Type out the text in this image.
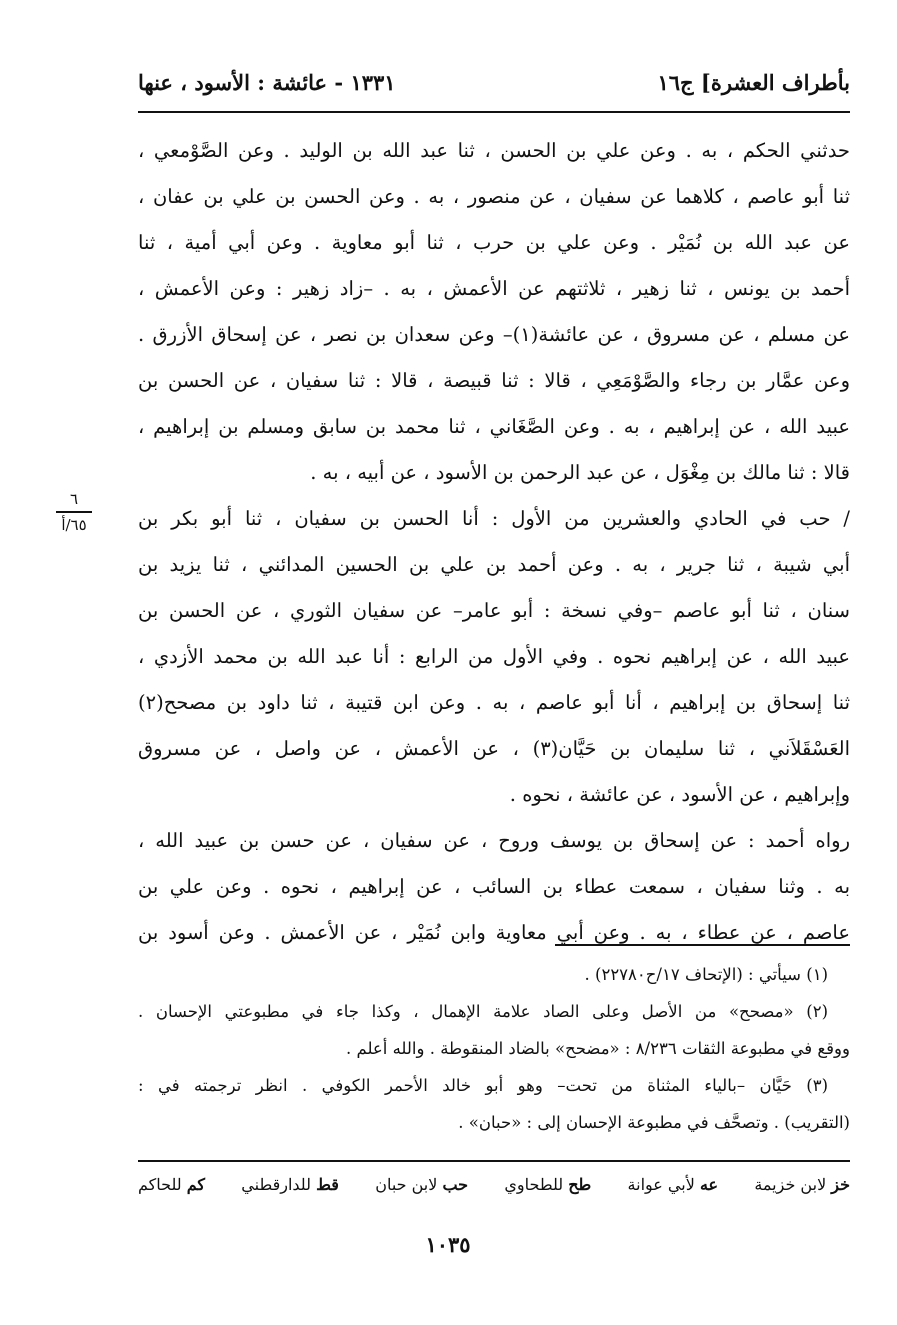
بأطراف العشرة] ج١٦
١٣٣١ - عائشة : الأسود ، عنها
حدثني الحكم ، به . وعن علي بن الحسن ، ثنا عبد الله بن الوليد . وعن الصَّوْمعي ،
ثنا أبو عاصم ، كلاهما عن سفيان ، عن منصور ، به . وعن الحسن بن علي بن عفان ،
عن عبد الله بن نُمَيْر . وعن علي بن حرب ، ثنا أبو معاوية . وعن أبي أمية ، ثنا
أحمد بن يونس ، ثنا زهير ، ثلاثتهم عن الأعمش ، به . –زاد زهير : وعن الأعمش ،
عن مسلم ، عن مسروق ، عن عائشة(١)– وعن سعدان بن نصر ، عن إسحاق الأزرق .
وعن عمَّار بن رجاء والصَّوْمَعِي ، قالا : ثنا قبيصة ، قالا : ثنا سفيان ، عن الحسن بن
عبيد الله ، عن إبراهيم ، به . وعن الصَّغَاني ، ثنا محمد بن سابق ومسلم بن إبراهيم ،
قالا : ثنا مالك بن مِغْوَل ، عن عبد الرحمن بن الأسود ، عن أبيه ، به .
/ حب في الحادي والعشرين من الأول : أنا الحسن بن سفيان ، ثنا أبو بكر بن
أبي شيبة ، ثنا جرير ، به . وعن أحمد بن علي بن الحسين المدائني ، ثنا يزيد بن
سنان ، ثنا أبو عاصم –وفي نسخة : أبو عامر– عن سفيان الثوري ، عن الحسن بن
عبيد الله ، عن إبراهيم نحوه . وفي الأول من الرابع : أنا عبد الله بن محمد الأزدي ،
ثنا إسحاق بن إبراهيم ، أنا أبو عاصم ، به . وعن ابن قتيبة ، ثنا داود بن مصحح(٢)
العَسْقَلاَني ، ثنا سليمان بن حَيَّان(٣) ، عن الأعمش ، عن واصل ، عن مسروق
وإبراهيم ، عن الأسود ، عن عائشة ، نحوه .
رواه أحمد : عن إسحاق بن يوسف وروح ، عن سفيان ، عن حسن بن عبيد الله ،
به . وثنا سفيان ، سمعت عطاء بن السائب ، عن إبراهيم ، نحوه . وعن علي بن
عاصم ، عن عطاء ، به . وعن أبي معاوية وابن نُمَيْر ، عن الأعمش . وعن أسود بن
٦
٦٥/أ
(١) سيأتي : (الإتحاف ١٧/ح٢٢٧٨٠) .
(٢) «مصحح» من الأصل وعلى الصاد علامة الإهمال ، وكذا جاء في مطبوعتي الإحسان .
ووقع في مطبوعة الثقات ٨/٢٣٦ : «مضحح» بالضاد المنقوطة . والله أعلم .
(٣) حَيَّان –بالياء المثناة من تحت– وهو أبو خالد الأحمر الكوفي . انظر ترجمته في :
(التقريب) . وتصحَّف في مطبوعة الإحسان إلى : «حبان» .
خز لابن خزيمة
عه لأبي عوانة
طح للطحاوي
حب لابن حبان
قط للدارقطني
كم للحاكم
١٠٣٥
